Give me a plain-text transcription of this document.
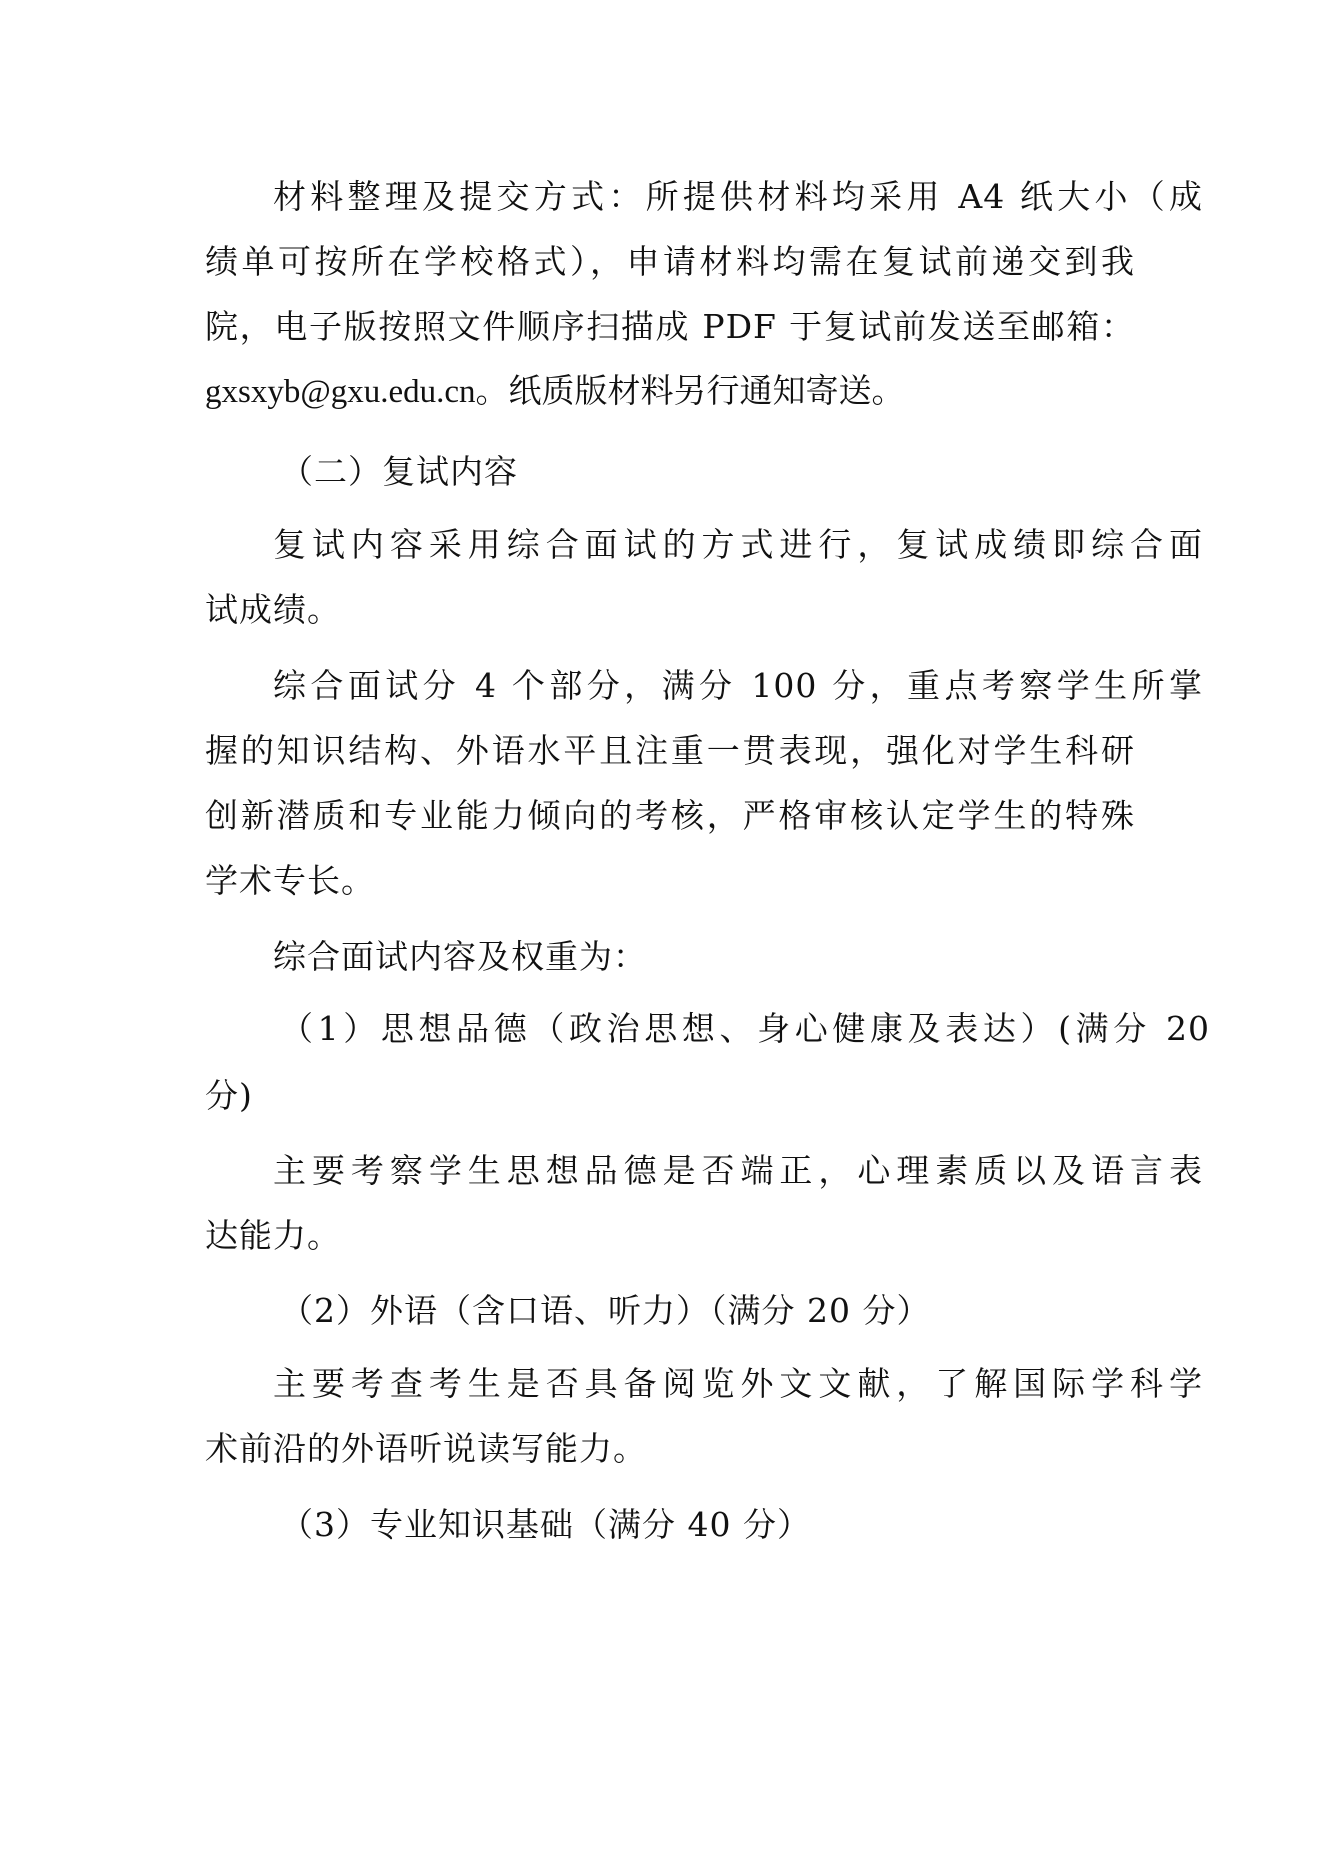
材料整理及提交方式：所提供材料均采用 A4 纸大小（成
绩单可按所在学校格式），申请材料均需在复试前递交到我
院，电子版按照文件顺序扫描成 PDF 于复试前发送至邮箱：
gxsxyb@gxu.edu.cn。纸质版材料另行通知寄送。
（二）复试内容
复试内容采用综合面试的方式进行，复试成绩即综合面
试成绩。
综合面试分 4 个部分，满分 100 分，重点考察学生所掌
握的知识结构、外语水平且注重一贯表现，强化对学生科研
创新潜质和专业能力倾向的考核，严格审核认定学生的特殊
学术专长。
综合面试内容及权重为：
（1）思想品德（政治思想、身心健康及表达）(满分 20
分)
主要考察学生思想品德是否端正，心理素质以及语言表
达能力。
（2）外语（含口语、听力）（满分 20 分）
主要考查考生是否具备阅览外文文献，了解国际学科学
术前沿的外语听说读写能力。
（3）专业知识基础（满分 40 分）
